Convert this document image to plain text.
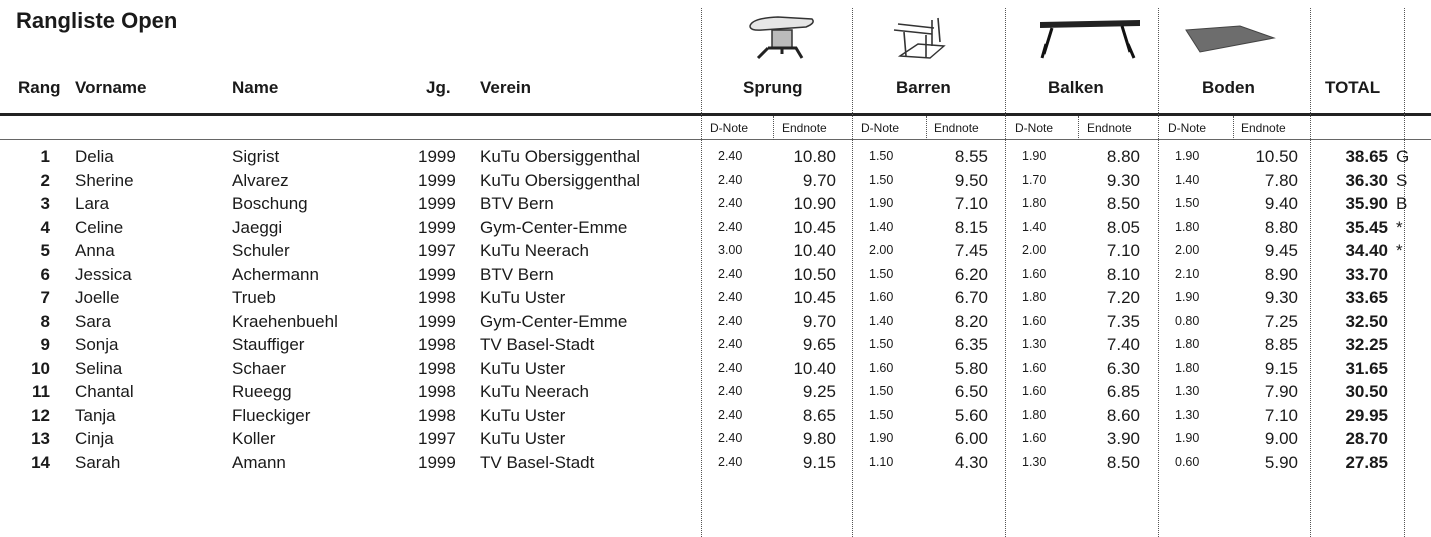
Rangliste Open
Rang Vorname	Name	Jg. Verein	Sprung	Barren	Balken	Boden	TOTAL
D-Note	Endnote	D-Note	Endnote	D-Note	Endnote	D-Note	Endnote
1 Delia	Sigrist	1999 KuTu Obersiggenthal	2.40	10.80	1.50	8.55	1.90	8.80	1.90	10.50	38.65 G
2 Sherine	Alvarez	1999 KuTu Obersiggenthal	2.40	9.70	1.50	9.50	1.70	9.30	1.40	7.80	36.30 S
3 Lara	Boschung	1999 BTV Bern	2.40	10.90	1.90	7.10	1.80	8.50	1.50	9.40	35.90 B
4 Celine	Jaeggi	1999 Gym-Center-Emme	2.40	10.45	1.40	8.15	1.40	8.05	1.80	8.80	35.45 *
5 Anna	Schuler	1997 KuTu Neerach	3.00	10.40	2.00	7.45	2.00	7.10	2.00	9.45	34.40 *
6 Jessica	Achermann	1999 BTV Bern	2.40	10.50	1.50	6.20	1.60	8.10	2.10	8.90	33.70
7 Joelle	Trueb	1998 KuTu Uster	2.40	10.45	1.60	6.70	1.80	7.20	1.90	9.30	33.65
8 Sara	Kraehenbuehl	1999 Gym-Center-Emme	2.40	9.70	1.40	8.20	1.60	7.35	0.80	7.25	32.50
9 Sonja	Stauffiger	1998 TV Basel-Stadt	2.40	9.65	1.50	6.35	1.30	7.40	1.80	8.85	32.25
10 Selina	Schaer	1998 KuTu Uster	2.40	10.40	1.60	5.80	1.60	6.30	1.80	9.15	31.65
11 Chantal	Rueegg	1998 KuTu Neerach	2.40	9.25	1.50	6.50	1.60	6.85	1.30	7.90	30.50
12 Tanja	Flueckiger	1998 KuTu Uster	2.40	8.65	1.50	5.60	1.80	8.60	1.30	7.10	29.95
13 Cinja	Koller	1997 KuTu Uster	2.40	9.80	1.90	6.00	1.60	3.90	1.90	9.00	28.70
14 Sarah	Amann	1999 TV Basel-Stadt	2.40	9.15	1.10	4.30	1.30	8.50	0.60	5.90	27.85
